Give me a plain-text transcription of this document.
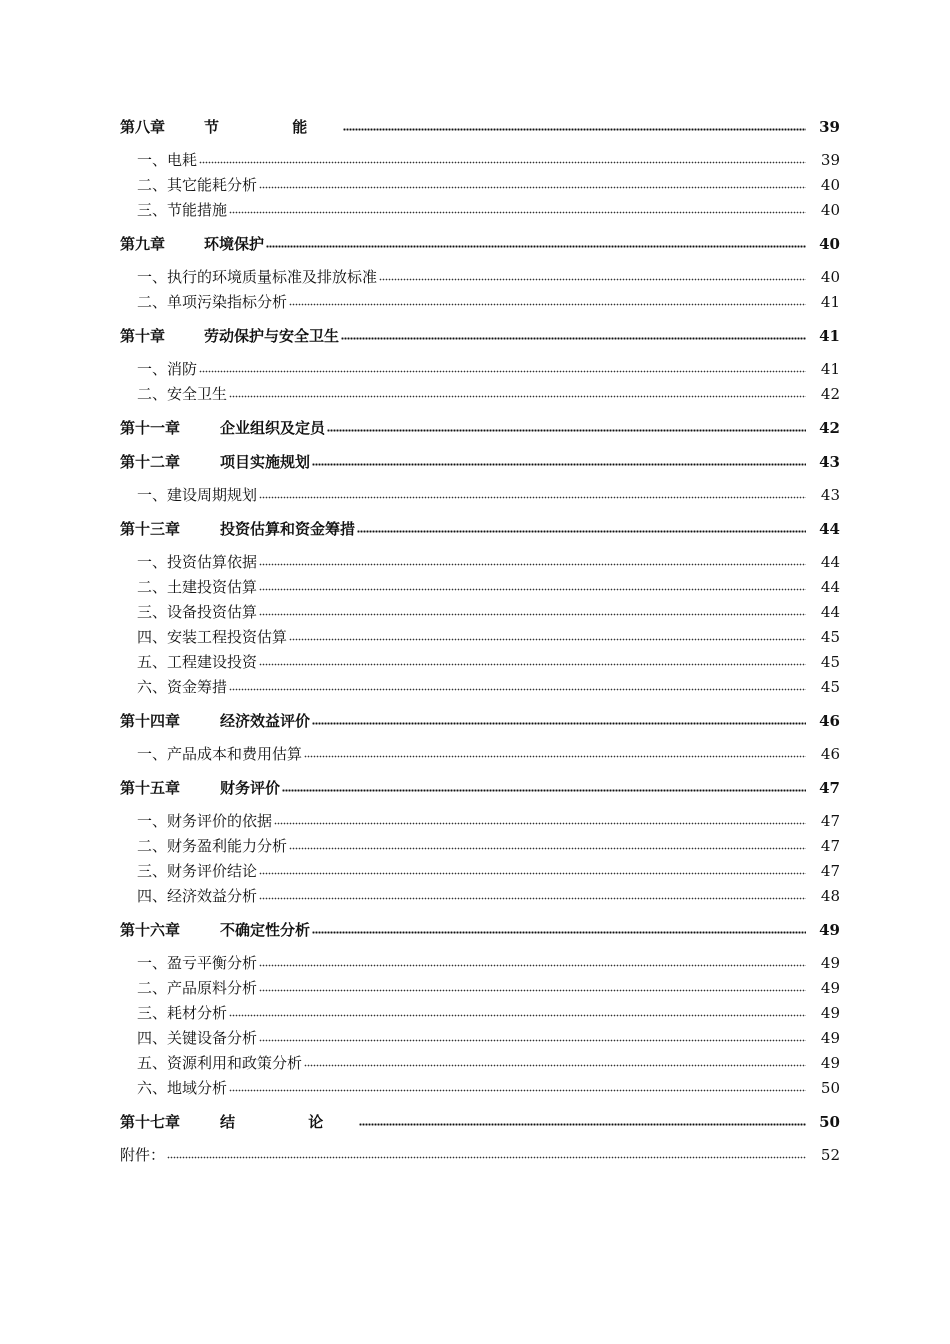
第八章	节 能	39
一、电耗	39
二、其它能耗分析	40
三、节能措施	40
第九章	环境保护	40
一、执行的环境质量标准及排放标准	40
二、单项污染指标分析	41
第十章	劳动保护与安全卫生	41
一、消防	41
二、安全卫生	42
第十一章	企业组织及定员	42
第十二章	项目实施规划	43
一、建设周期规划	43
第十三章	投资估算和资金筹措	44
一、投资估算依据	44
二、土建投资估算	44
三、设备投资估算	44
四、安装工程投资估算	45
五、工程建设投资	45
六、资金筹措	45
第十四章	经济效益评价	46
一、产品成本和费用估算	46
第十五章	财务评价	47
一、财务评价的依据	47
二、财务盈利能力分析	47
三、财务评价结论	47
四、经济效益分析	48
第十六章	不确定性分析	49
一、盈亏平衡分析	49
二、产品原料分析	49
三、耗材分析	49
四、关键设备分析	49
五、资源利用和政策分析	49
六、地域分析	50
第十七章	结 论	50
附件：	52
